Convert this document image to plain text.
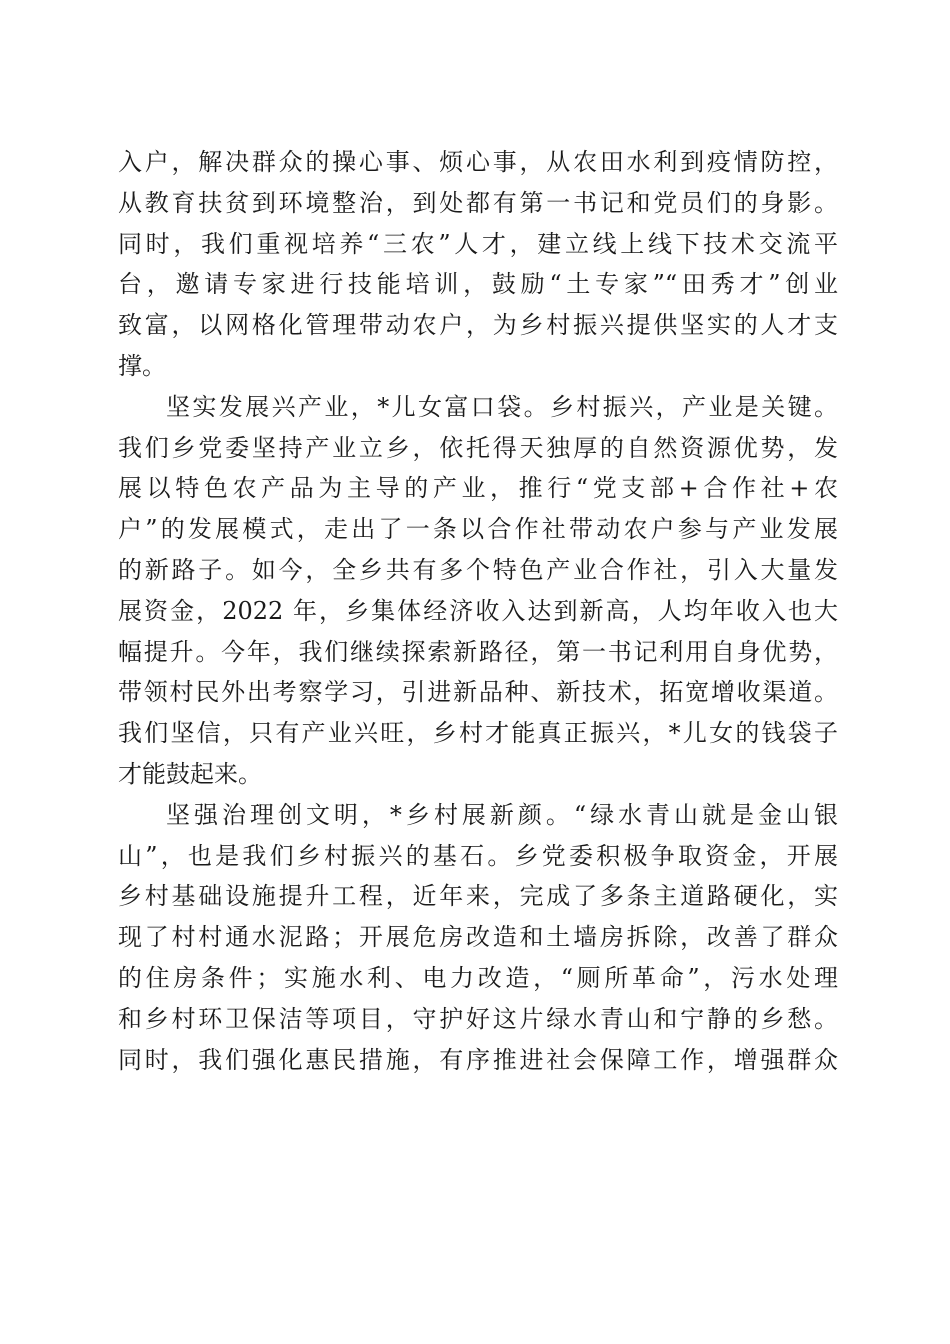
入户，解决群众的操心事、烦心事，从农田水利到疫情防控，
从教育扶贫到环境整治，到处都有第一书记和党员们的身影。
同时，我们重视培养“三农”人才，建立线上线下技术交流平
台，邀请专家进行技能培训，鼓励“土专家”“田秀才”创业
致富，以网格化管理带动农户，为乡村振兴提供坚实的人才支
撑。
坚实发展兴产业，*儿女富口袋。乡村振兴，产业是关键。
我们乡党委坚持产业立乡，依托得天独厚的自然资源优势，发
展以特色农产品为主导的产业，推行“党支部+合作社+农
户”的发展模式，走出了一条以合作社带动农户参与产业发展
的新路子。如今，全乡共有多个特色产业合作社，引入大量发
展资金，2022 年，乡集体经济收入达到新高，人均年收入也大
幅提升。今年，我们继续探索新路径，第一书记利用自身优势，
带领村民外出考察学习，引进新品种、新技术，拓宽增收渠道。
我们坚信，只有产业兴旺，乡村才能真正振兴，*儿女的钱袋子
才能鼓起来。
坚强治理创文明，*乡村展新颜。“绿水青山就是金山银
山”，也是我们乡村振兴的基石。乡党委积极争取资金，开展
乡村基础设施提升工程，近年来，完成了多条主道路硬化，实
现了村村通水泥路；开展危房改造和土墙房拆除，改善了群众
的住房条件；实施水利、电力改造，“厕所革命”，污水处理
和乡村环卫保洁等项目，守护好这片绿水青山和宁静的乡愁。
同时，我们强化惠民措施，有序推进社会保障工作，增强群众
